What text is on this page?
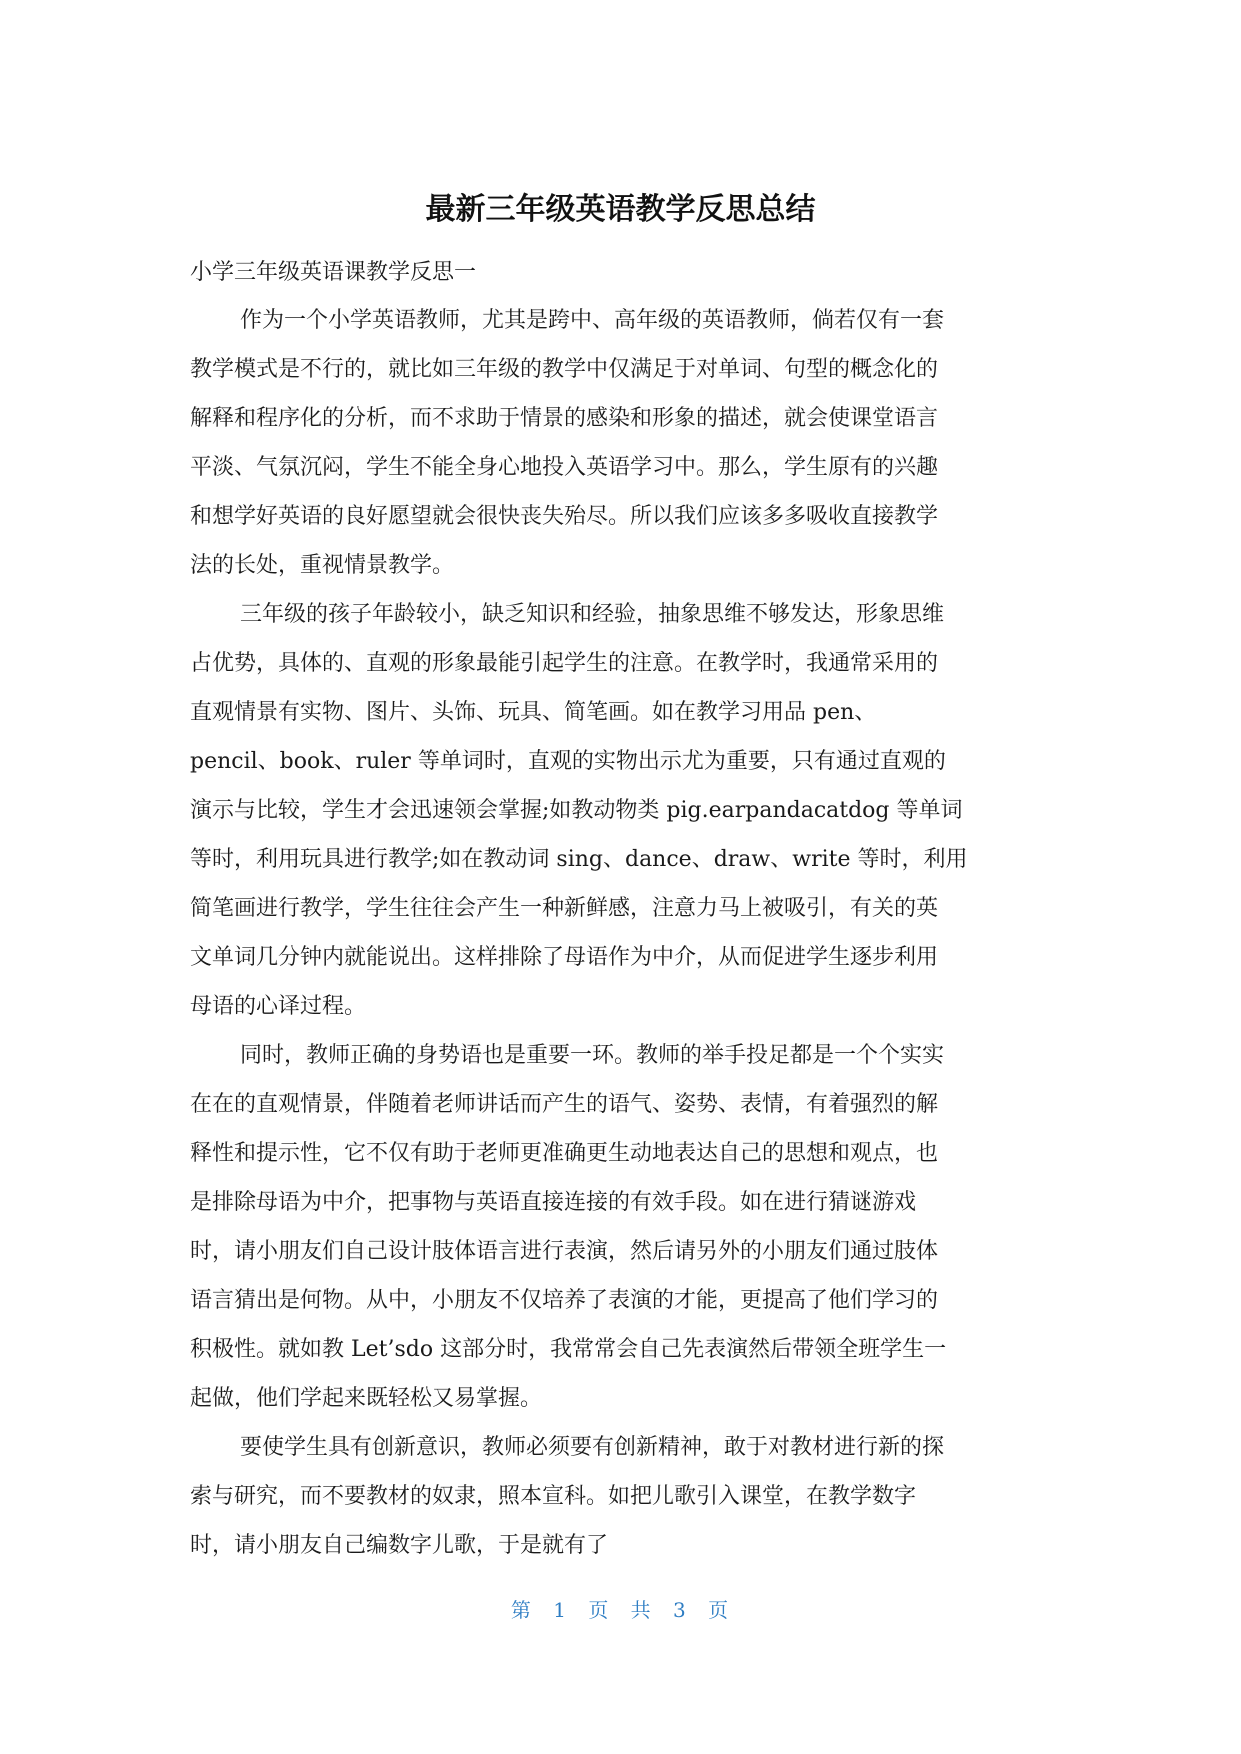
最新三年级英语教学反思总结
小学三年级英语课教学反思一
作为一个小学英语教师，尤其是跨中、高年级的英语教师，倘若仅有一套
教学模式是不行的，就比如三年级的教学中仅满足于对单词、句型的概念化的
解释和程序化的分析，而不求助于情景的感染和形象的描述，就会使课堂语言
平淡、气氛沉闷，学生不能全身心地投入英语学习中。那么，学生原有的兴趣
和想学好英语的良好愿望就会很快丧失殆尽。所以我们应该多多吸收直接教学
法的长处，重视情景教学。
三年级的孩子年龄较小，缺乏知识和经验，抽象思维不够发达，形象思维
占优势，具体的、直观的形象最能引起学生的注意。在教学时，我通常采用的
直观情景有实物、图片、头饰、玩具、简笔画。如在教学习用品 pen、
pencil、book、ruler 等单词时，直观的实物出示尤为重要，只有通过直观的
演示与比较，学生才会迅速领会掌握;如教动物类 pig.earpandacatdog 等单词
等时，利用玩具进行教学;如在教动词 sing、dance、draw、write 等时，利用
简笔画进行教学，学生往往会产生一种新鲜感，注意力马上被吸引，有关的英
文单词几分钟内就能说出。这样排除了母语作为中介，从而促进学生逐步利用
母语的心译过程。
同时，教师正确的身势语也是重要一环。教师的举手投足都是一个个实实
在在的直观情景，伴随着老师讲话而产生的语气、姿势、表情，有着强烈的解
释性和提示性，它不仅有助于老师更准确更生动地表达自己的思想和观点，也
是排除母语为中介，把事物与英语直接连接的有效手段。如在进行猜谜游戏
时，请小朋友们自己设计肢体语言进行表演，然后请另外的小朋友们通过肢体
语言猜出是何物。从中，小朋友不仅培养了表演的才能，更提高了他们学习的
积极性。就如教 Let’sdo 这部分时，我常常会自己先表演然后带领全班学生一
起做，他们学起来既轻松又易掌握。
要使学生具有创新意识，教师必须要有创新精神，敢于对教材进行新的探
索与研究，而不要教材的奴隶，照本宣科。如把儿歌引入课堂，在教学数字
时，请小朋友自己编数字儿歌，于是就有了
第 1 页 共 3 页
